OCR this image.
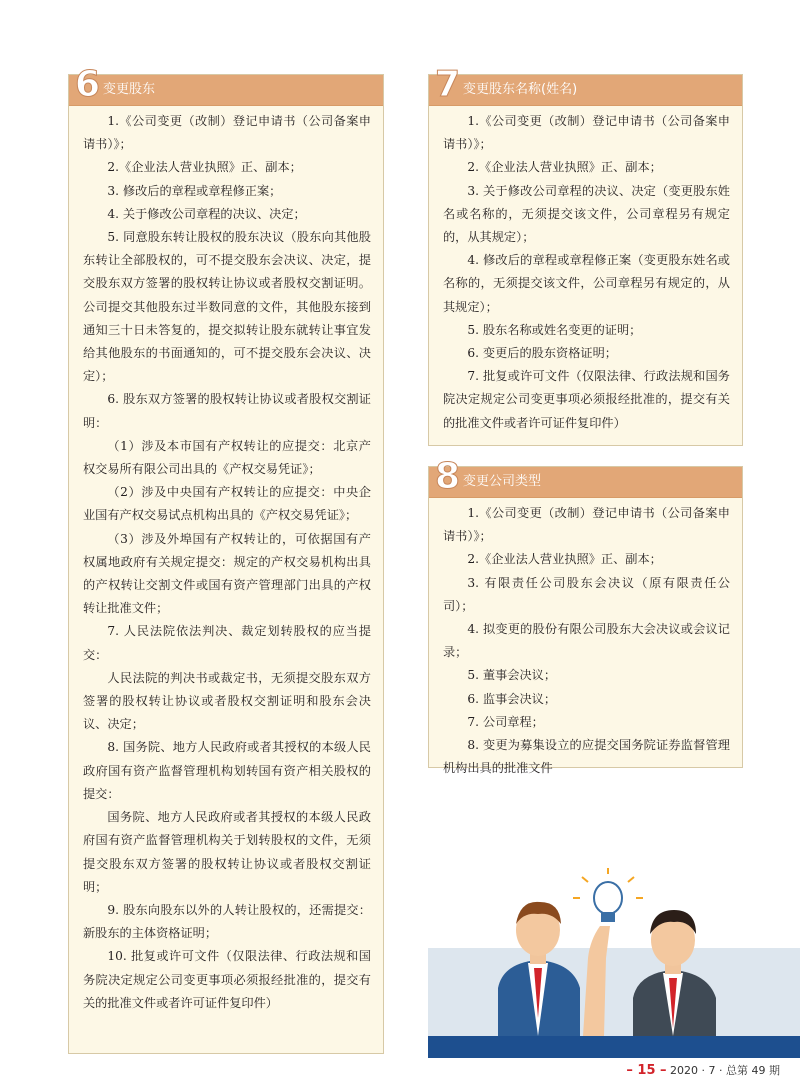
6 变更股东

1.《公司变更（改制）登记申请书（公司备案申请书）》；

2.《企业法人营业执照》正、副本；

3. 修改后的章程或章程修正案；

4. 关于修改公司章程的决议、决定；

5. 同意股东转让股权的股东决议（股东向其他股东转让全部股权的，可不提交股东会决议、决定，提交股东双方签署的股权转让协议或者股权交割证明。公司提交其他股东过半数同意的文件，其他股东接到通知三十日未答复的，提交拟转让股东就转让事宜发给其他股东的书面通知的，可不提交股东会决议、决定）；

6. 股东双方签署的股权转让协议或者股权交割证明：

（1）涉及本市国有产权转让的应提交：北京产权交易所有限公司出具的《产权交易凭证》；

（2）涉及中央国有产权转让的应提交：中央企业国有产权交易试点机构出具的《产权交易凭证》；

（3）涉及外埠国有产权转让的，可依据国有产权属地政府有关规定提交：规定的产权交易机构出具的产权转让交割文件或国有资产管理部门出具的产权转让批准文件；

7. 人民法院依法判决、裁定划转股权的应当提交：

人民法院的判决书或裁定书，无须提交股东双方签署的股权转让协议或者股权交割证明和股东会决议、决定；

8. 国务院、地方人民政府或者其授权的本级人民政府国有资产监督管理机构划转国有资产相关股权的提交：

国务院、地方人民政府或者其授权的本级人民政府国有资产监督管理机构关于划转股权的文件，无须提交股东双方签署的股权转让协议或者股权交割证明；

9. 股东向股东以外的人转让股权的，还需提交：新股东的主体资格证明；

10. 批复或许可文件（仅限法律、行政法规和国务院决定规定公司变更事项必须报经批准的，提交有关的批准文件或者许可证件复印件）

7 变更股东名称(姓名)

1.《公司变更（改制）登记申请书（公司备案申请书）》；

2.《企业法人营业执照》正、副本；

3. 关于修改公司章程的决议、决定（变更股东姓名或名称的，无须提交该文件，公司章程另有规定的，从其规定）；

4. 修改后的章程或章程修正案（变更股东姓名或名称的，无须提交该文件，公司章程另有规定的，从其规定）；

5. 股东名称或姓名变更的证明；

6. 变更后的股东资格证明；

7. 批复或许可文件（仅限法律、行政法规和国务院决定规定公司变更事项必须报经批准的，提交有关的批准文件或者许可证件复印件）

8 变更公司类型

1.《公司变更（改制）登记申请书（公司备案申请书）》；

2.《企业法人营业执照》正、副本；

3. 有限责任公司股东会决议（原有限责任公司）；

4. 拟变更的股份有限公司股东大会决议或会议记录；

5. 董事会决议；

6. 监事会决议；

7. 公司章程；

8. 变更为募集设立的应提交国务院证券监督管理机构出具的批准文件

– 15 – 2020 · 7 · 总第 49 期
